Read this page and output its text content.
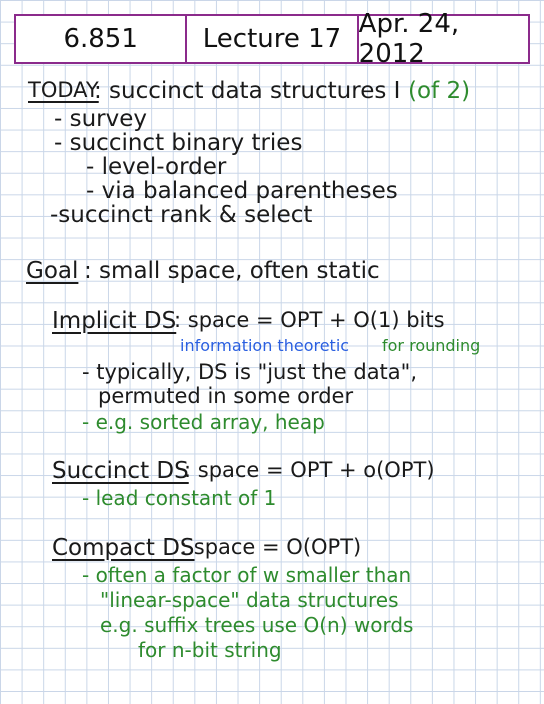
6.851	Lecture 17 Apr. 24, 2012
TODAY
: succinct data structures I (of 2)
- survey
- succinct binary tries
- level-order
- via balanced parentheses
-succinct rank & select
Goal : small space, often static
Implicit DS
: space = OPT + O(1) bits
information theoretic for rounding
- typically, DS is "just the data",
permuted in some order
- e.g. sorted array, heap
Succinct DS
: space = OPT + o(OPT)
- lead constant of 1
Compact DS
: space = O(OPT)
- often a factor of w smaller than
"linear-space" data structures
e.g. suffix trees use O(n) words
for n-bit string
